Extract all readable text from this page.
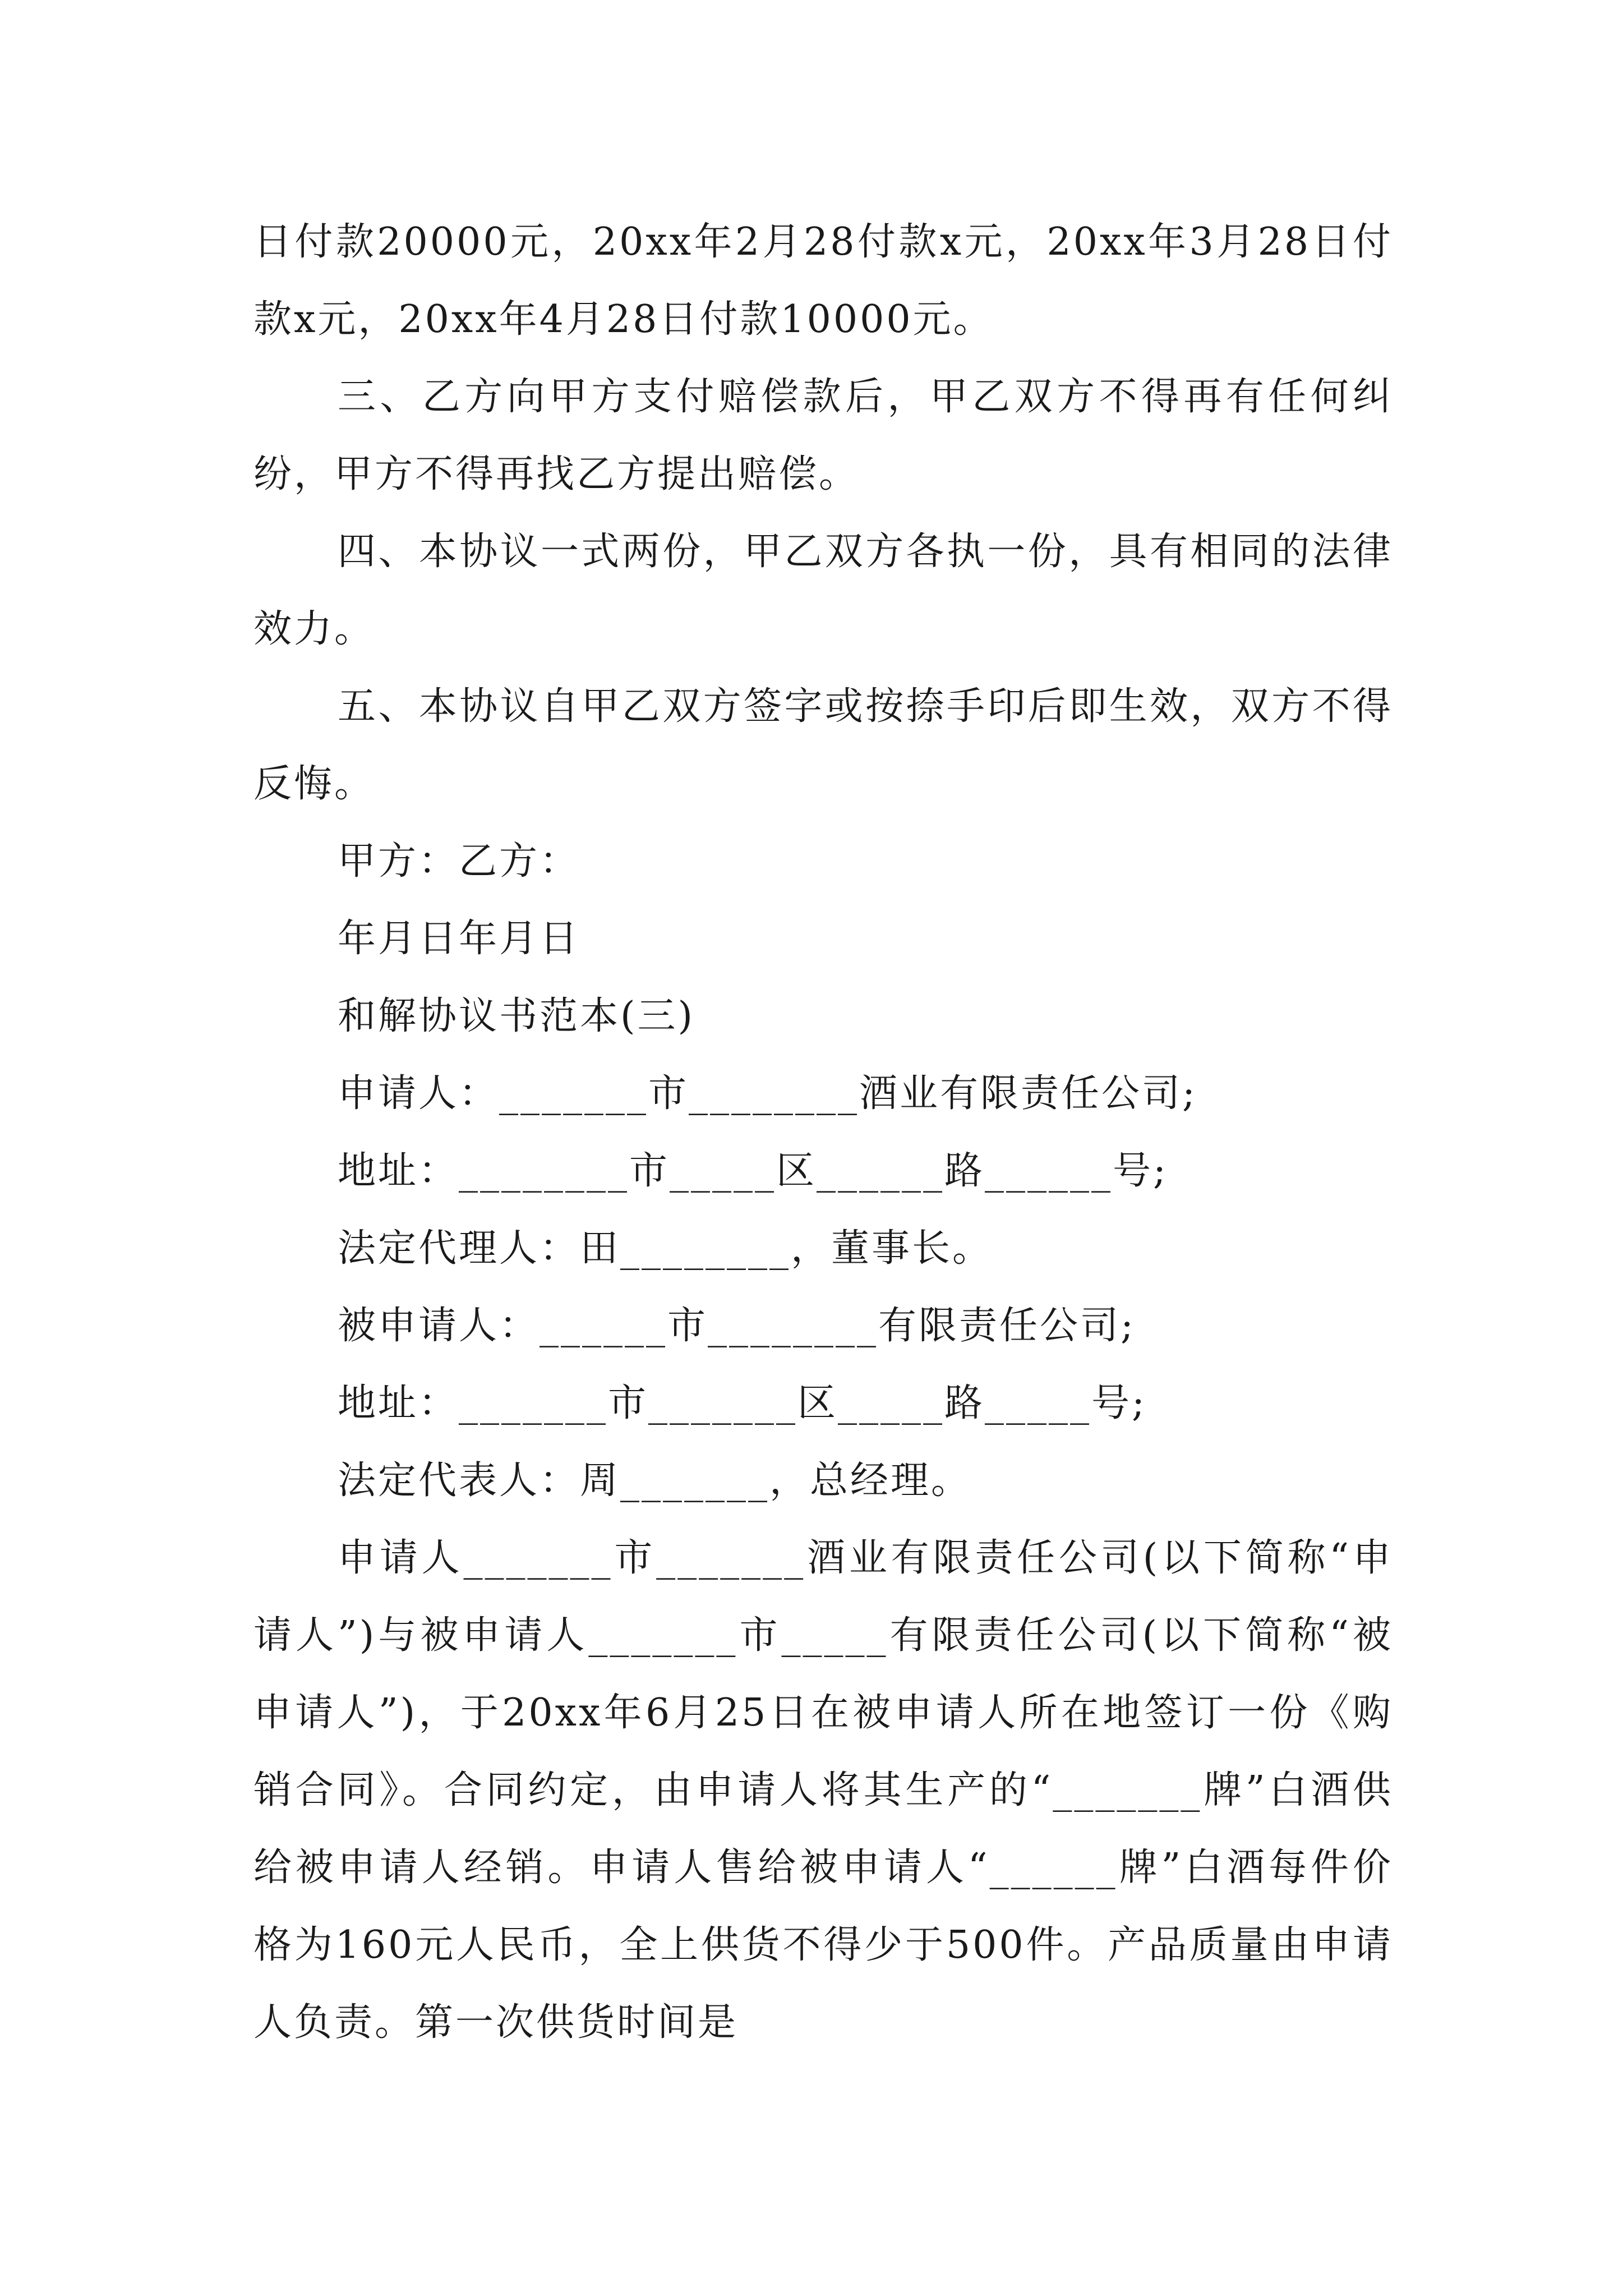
日付款20000元，20xx年2月28付款x元，20xx年3月28日付款x元，20xx年4月28日付款10000元。

三、乙方向甲方支付赔偿款后，甲乙双方不得再有任何纠纷，甲方不得再找乙方提出赔偿。

四、本协议一式两份，甲乙双方各执一份，具有相同的法律效力。

五、本协议自甲乙双方签字或按捺手印后即生效，双方不得反悔。

甲方：乙方：

年月日年月日

和解协议书范本(三)

申请人：_______市________酒业有限责任公司;

地址：________市_____区______路______号;

法定代理人：田________，董事长。

被申请人：______市________有限责任公司;

地址：_______市_______区_____路_____号;

法定代表人：周_______，总经理。

申请人_______市_______酒业有限责任公司(以下简称“申请人”)与被申请人_______市_____有限责任公司(以下简称“被申请人”)，于20xx年6月25日在被申请人所在地签订一份《购销合同》。合同约定，由申请人将其生产的“_______牌”白酒供给被申请人经销。申请人售给被申请人“______牌”白酒每件价格为160元人民币，全上供货不得少于500件。产品质量由申请人负责。第一次供货时间是
